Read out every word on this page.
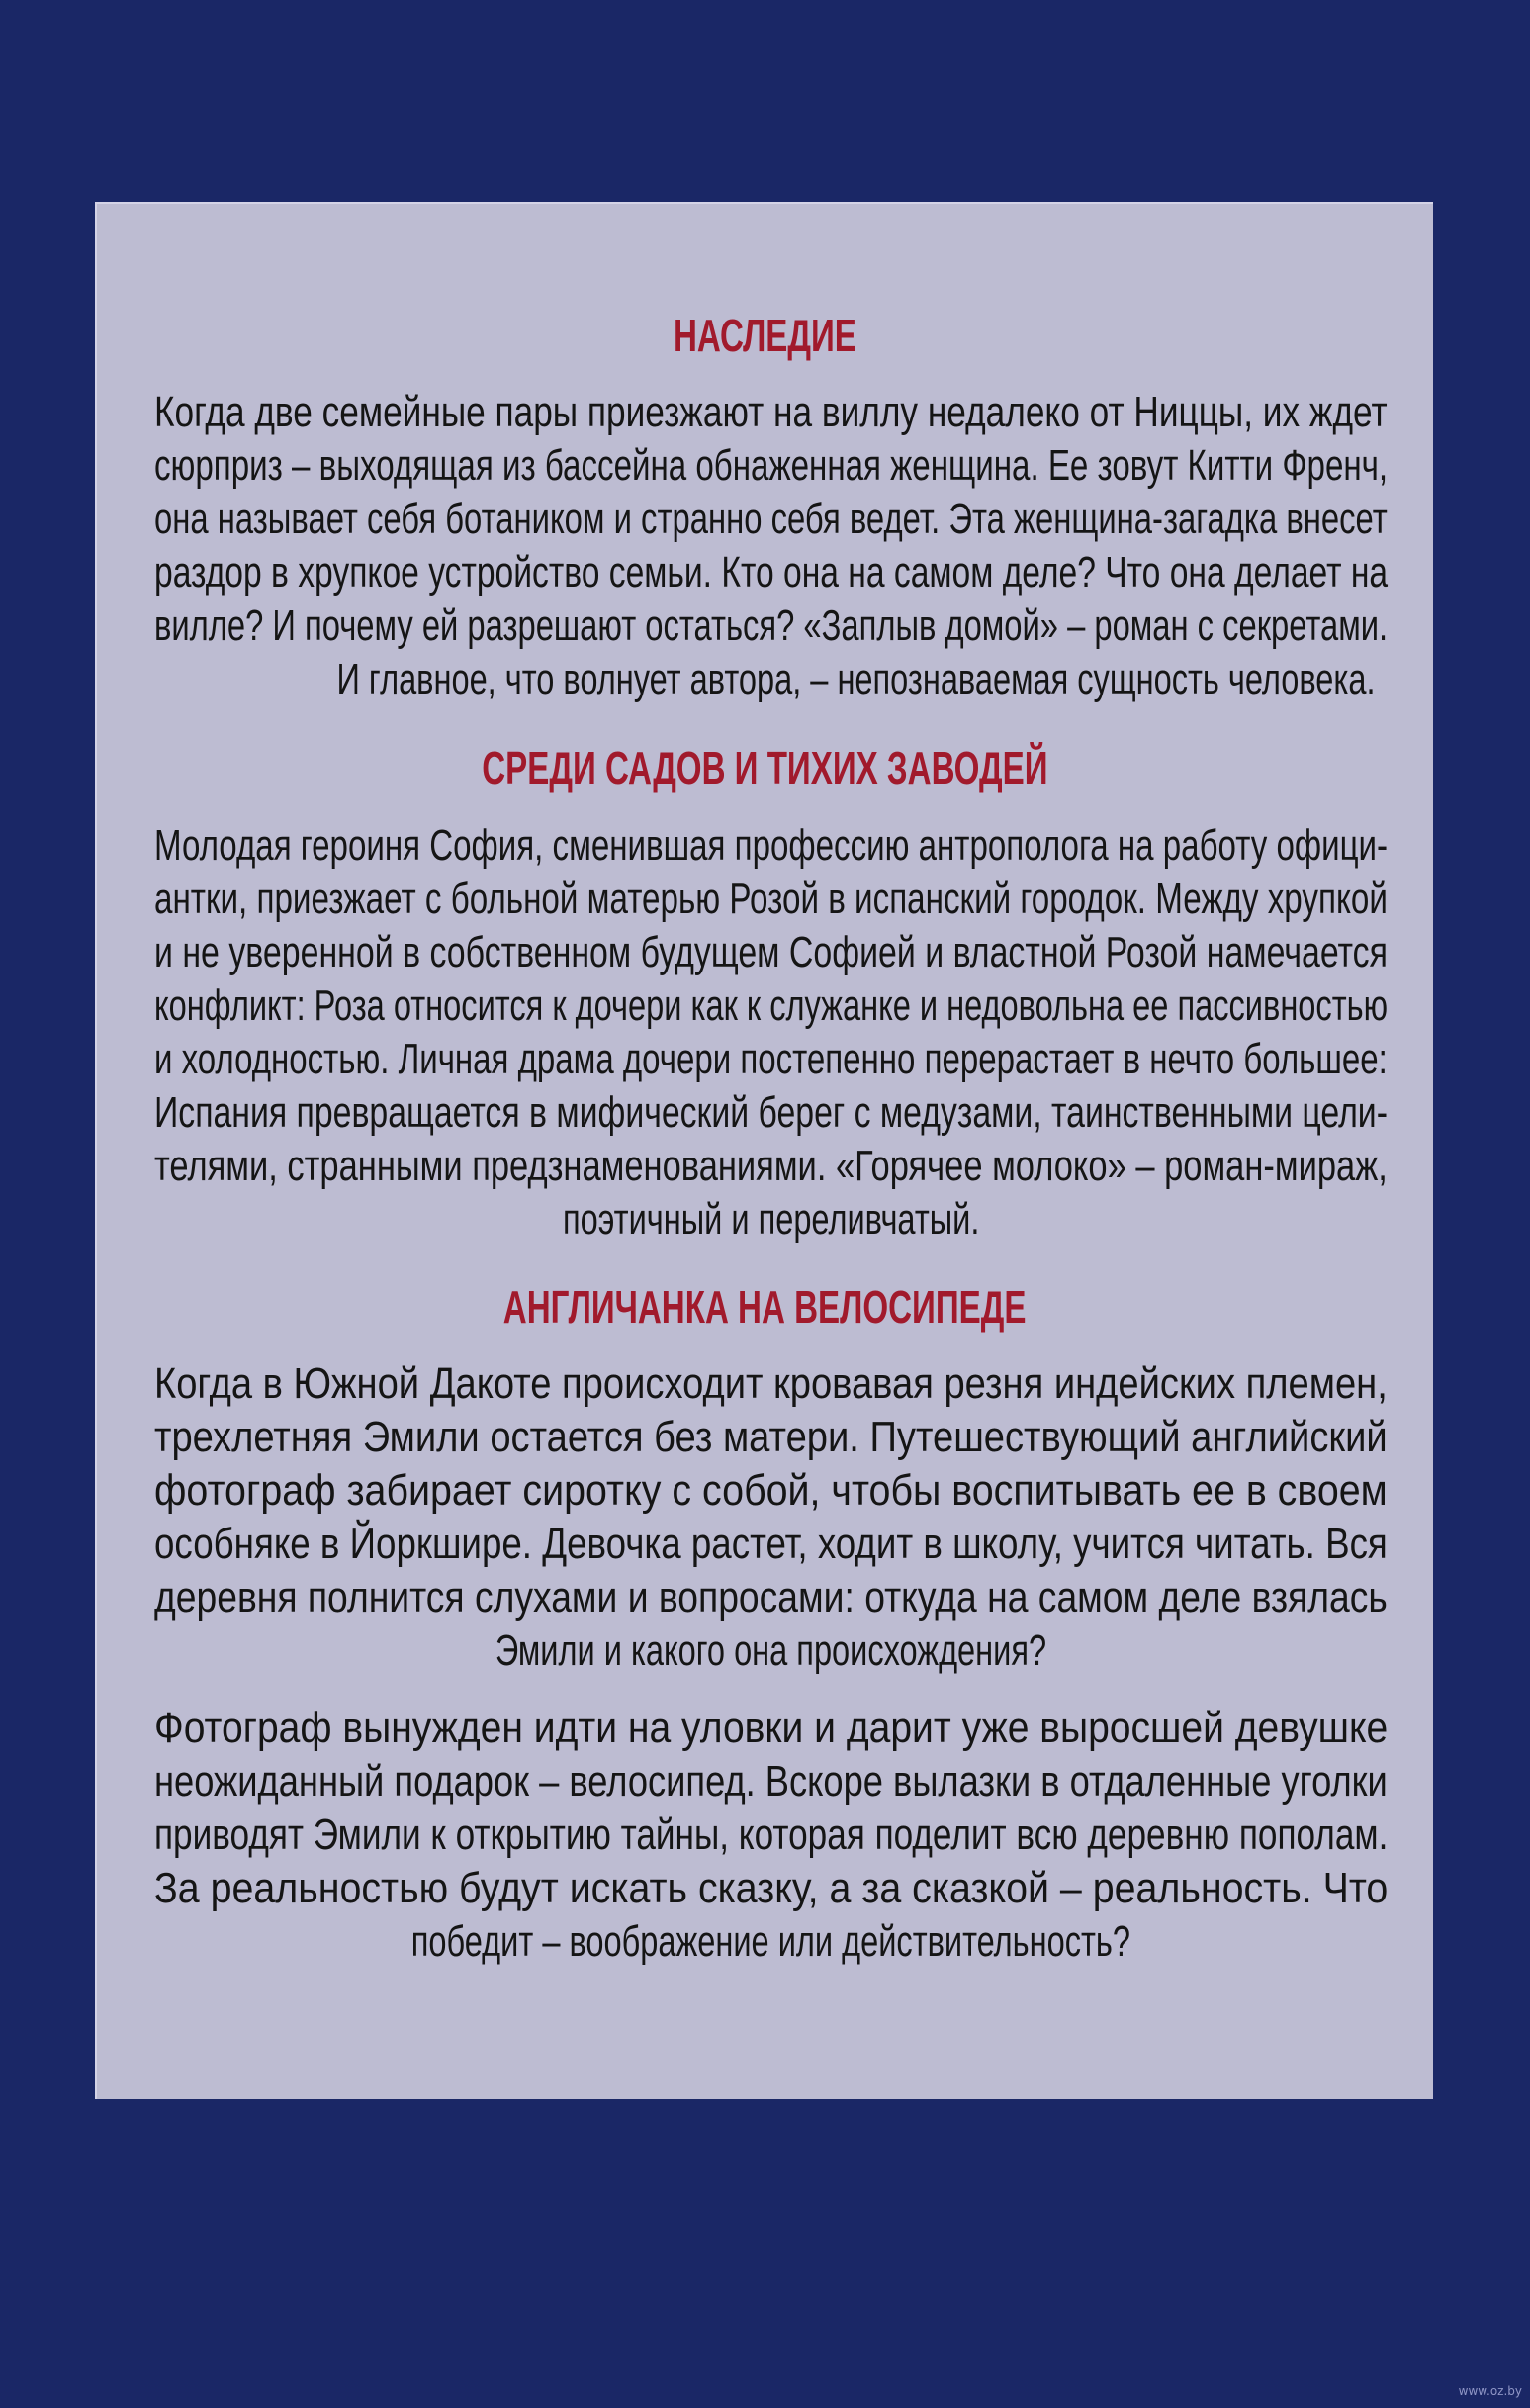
НАСЛЕДИЕ
Когда две семейные пары приезжают на виллу недалеко от Ниццы, их ждет
сюрприз – выходящая из бассейна обнаженная женщина. Ее зовут Китти Френч,
она называет себя ботаником и странно себя ведет. Эта женщина-загадка внесет
раздор в хрупкое устройство семьи. Кто она на самом деле? Что она делает на
вилле? И почему ей разрешают остаться? «Заплыв домой» – роман с секретами.
И главное, что волнует автора, – непознаваемая сущность человека.
СРЕДИ САДОВ И ТИХИХ ЗАВОДЕЙ
Молодая героиня София, сменившая профессию антрополога на работу офици-
антки, приезжает с больной матерью Розой в испанский городок. Между хрупкой
и не уверенной в собственном будущем Софией и властной Розой намечается
конфликт: Роза относится к дочери как к служанке и недовольна ее пассивностью
и холодностью. Личная драма дочери постепенно перерастает в нечто большее:
Испания превращается в мифический берег с медузами, таинственными цели-
телями, странными предзнаменованиями. «Горячее молоко» – роман-мираж,
поэтичный и переливчатый.
АНГЛИЧАНКА НА ВЕЛОСИПЕДЕ
Когда в Южной Дакоте происходит кровавая резня индейских племен,
трехлетняя Эмили остается без матери. Путешествующий английский
фотограф забирает сиротку с собой, чтобы воспитывать ее в своем
особняке в Йоркшире. Девочка растет, ходит в школу, учится читать. Вся
деревня полнится слухами и вопросами: откуда на самом деле взялась
Эмили и какого она происхождения?
Фотограф вынужден идти на уловки и дарит уже выросшей девушке
неожиданный подарок – велосипед. Вскоре вылазки в отдаленные уголки
приводят Эмили к открытию тайны, которая поделит всю деревню пополам.
За реальностью будут искать сказку, а за сказкой – реальность. Что
победит – воображение или действительность?
www.oz.by
